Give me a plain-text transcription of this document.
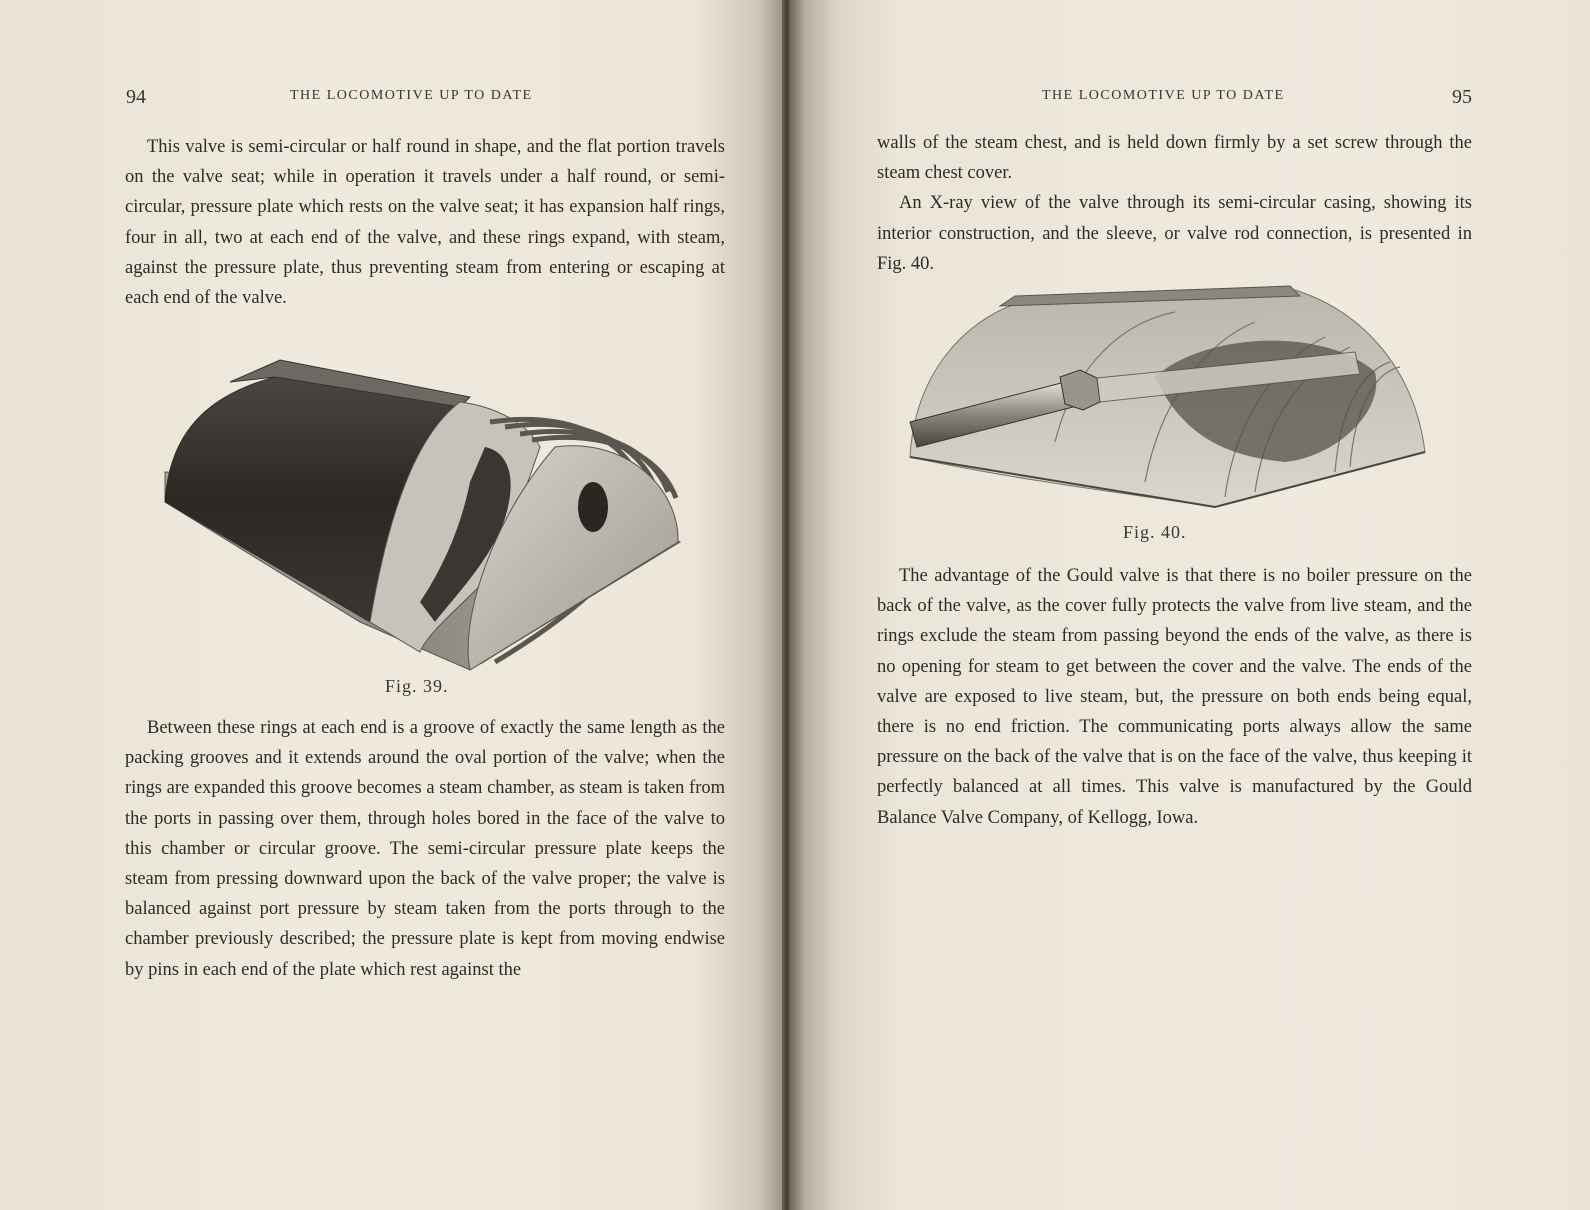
94	THE LOCOMOTIVE UP TO DATE

This valve is semi-circular or half round in shape, and the flat portion travels on the valve seat; while in operation it travels under a half round, or semi-circular, pressure plate which rests on the valve seat; it has expansion half rings, four in all, two at each end of the valve, and these rings expand, with steam, against the pressure plate, thus preventing steam from entering or escaping at each end of the valve.

Fig. 39.

Between these rings at each end is a groove of exactly the same length as the packing grooves and it extends around the oval portion of the valve; when the rings are expanded this groove becomes a steam chamber, as steam is taken from the ports in passing over them, through holes bored in the face of the valve to this chamber or circular groove. The semi-circular pressure plate keeps the steam from pressing downward upon the back of the valve proper; the valve is balanced against port pressure by steam taken from the ports through to the chamber previously described; the pressure plate is kept from moving endwise by pins in each end of the plate which rest against the

THE LOCOMOTIVE UP TO DATE	95

walls of the steam chest, and is held down firmly by a set screw through the steam chest cover.

An X-ray view of the valve through its semi-circular casing, showing its interior construction, and the sleeve, or valve rod connection, is presented in Fig. 40.

Fig. 40.

The advantage of the Gould valve is that there is no boiler pressure on the back of the valve, as the cover fully protects the valve from live steam, and the rings exclude the steam from passing beyond the ends of the valve, as there is no opening for steam to get between the cover and the valve. The ends of the valve are exposed to live steam, but, the pressure on both ends being equal, there is no end friction. The communicating ports always allow the same pressure on the back of the valve that is on the face of the valve, thus keeping it perfectly balanced at all times. This valve is manufactured by the Gould Balance Valve Company, of Kellogg, Iowa.
